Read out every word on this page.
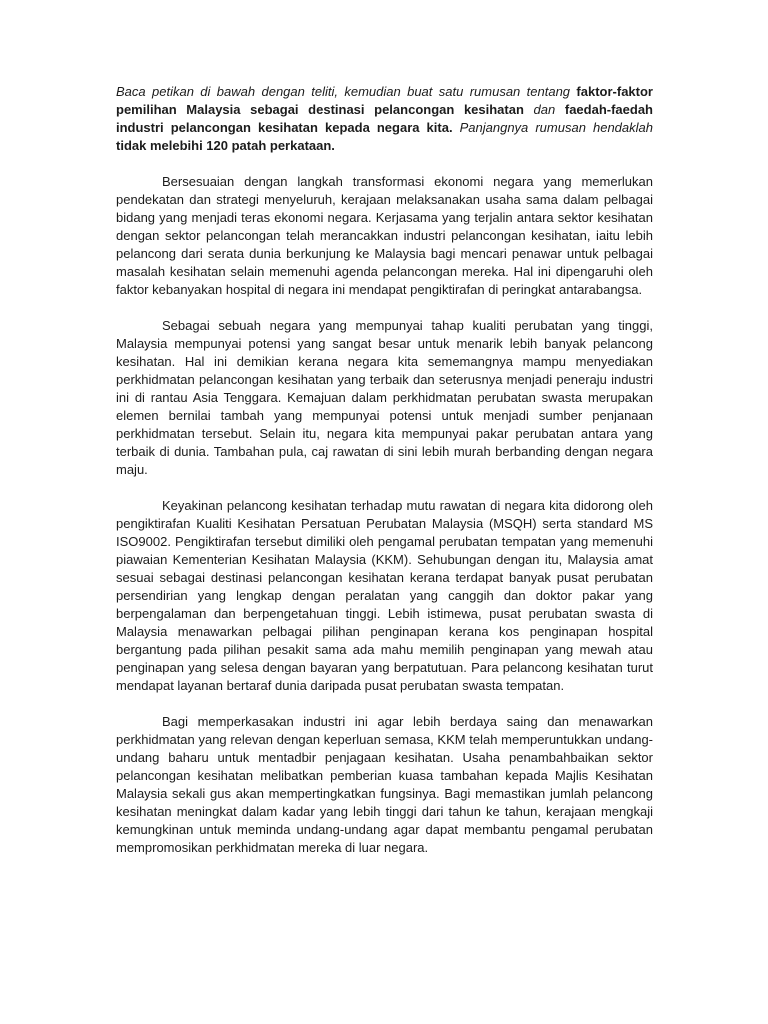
Baca petikan di bawah dengan teliti, kemudian buat satu rumusan tentang faktor-faktor pemilihan Malaysia sebagai destinasi pelancongan kesihatan dan faedah-faedah industri pelancongan kesihatan kepada negara kita. Panjangnya rumusan hendaklah tidak melebihi 120 patah perkataan.

Bersesuaian dengan langkah transformasi ekonomi negara yang memerlukan pendekatan dan strategi menyeluruh, kerajaan melaksanakan usaha sama dalam pelbagai bidang yang menjadi teras ekonomi negara. Kerjasama yang terjalin antara sektor kesihatan dengan sektor pelancongan telah merancakkan industri pelancongan kesihatan, iaitu lebih pelancong dari serata dunia berkunjung ke Malaysia bagi mencari penawar untuk pelbagai masalah kesihatan selain memenuhi agenda pelancongan mereka. Hal ini dipengaruhi oleh faktor kebanyakan hospital di negara ini mendapat pengiktirafan di peringkat antarabangsa.

Sebagai sebuah negara yang mempunyai tahap kualiti perubatan yang tinggi, Malaysia mempunyai potensi yang sangat besar untuk menarik lebih banyak pelancong kesihatan. Hal ini demikian kerana negara kita sememangnya mampu menyediakan perkhidmatan pelancongan kesihatan yang terbaik dan seterusnya menjadi peneraju industri ini di rantau Asia Tenggara. Kemajuan dalam perkhidmatan perubatan swasta merupakan elemen bernilai tambah yang mempunyai potensi untuk menjadi sumber penjanaan perkhidmatan tersebut. Selain itu, negara kita mempunyai pakar perubatan antara yang terbaik di dunia. Tambahan pula, caj rawatan di sini lebih murah berbanding dengan negara maju.

Keyakinan pelancong kesihatan terhadap mutu rawatan di negara kita didorong oleh pengiktirafan Kualiti Kesihatan Persatuan Perubatan Malaysia (MSQH) serta standard MS ISO9002. Pengiktirafan tersebut dimiliki oleh pengamal perubatan tempatan yang memenuhi piawaian Kementerian Kesihatan Malaysia (KKM). Sehubungan dengan itu, Malaysia amat sesuai sebagai destinasi pelancongan kesihatan kerana terdapat banyak pusat perubatan persendirian yang lengkap dengan peralatan yang canggih dan doktor pakar yang berpengalaman dan berpengetahuan tinggi. Lebih istimewa, pusat perubatan swasta di Malaysia menawarkan pelbagai pilihan penginapan kerana kos penginapan hospital bergantung pada pilihan pesakit sama ada mahu memilih penginapan yang mewah atau penginapan yang selesa dengan bayaran yang berpatutuan. Para pelancong kesihatan turut mendapat layanan bertaraf dunia daripada pusat perubatan swasta tempatan.

Bagi memperkasakan industri ini agar lebih berdaya saing dan menawarkan perkhidmatan yang relevan dengan keperluan semasa, KKM telah memperuntukkan undang-undang baharu untuk mentadbir penjagaan kesihatan. Usaha penambahbaikan sektor pelancongan kesihatan melibatkan pemberian kuasa tambahan kepada Majlis Kesihatan Malaysia sekali gus akan mempertingkatkan fungsinya. Bagi memastikan jumlah pelancong kesihatan meningkat dalam kadar yang lebih tinggi dari tahun ke tahun, kerajaan mengkaji kemungkinan untuk meminda undang-undang agar dapat membantu pengamal perubatan mempromosikan perkhidmatan mereka di luar negara.
